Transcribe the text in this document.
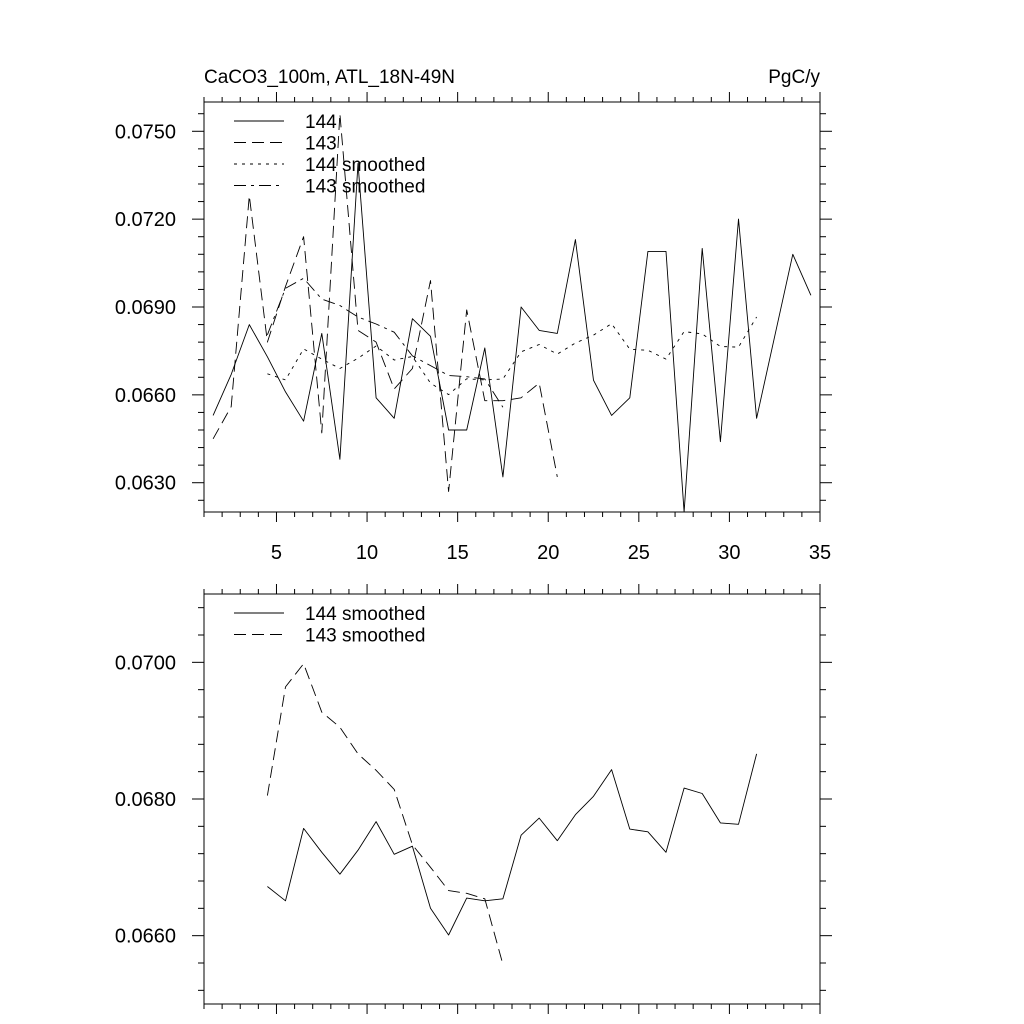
CaCO3_100m, ATL_18N-49N	PgC/y
5	10	15	20	25	30	35
0.0630
0.0660
0.0690
0.0720
0.0750	144
143
144 smoothed
143 smoothed
0.0660
0.0680
0.0700
144 smoothed
143 smoothed
